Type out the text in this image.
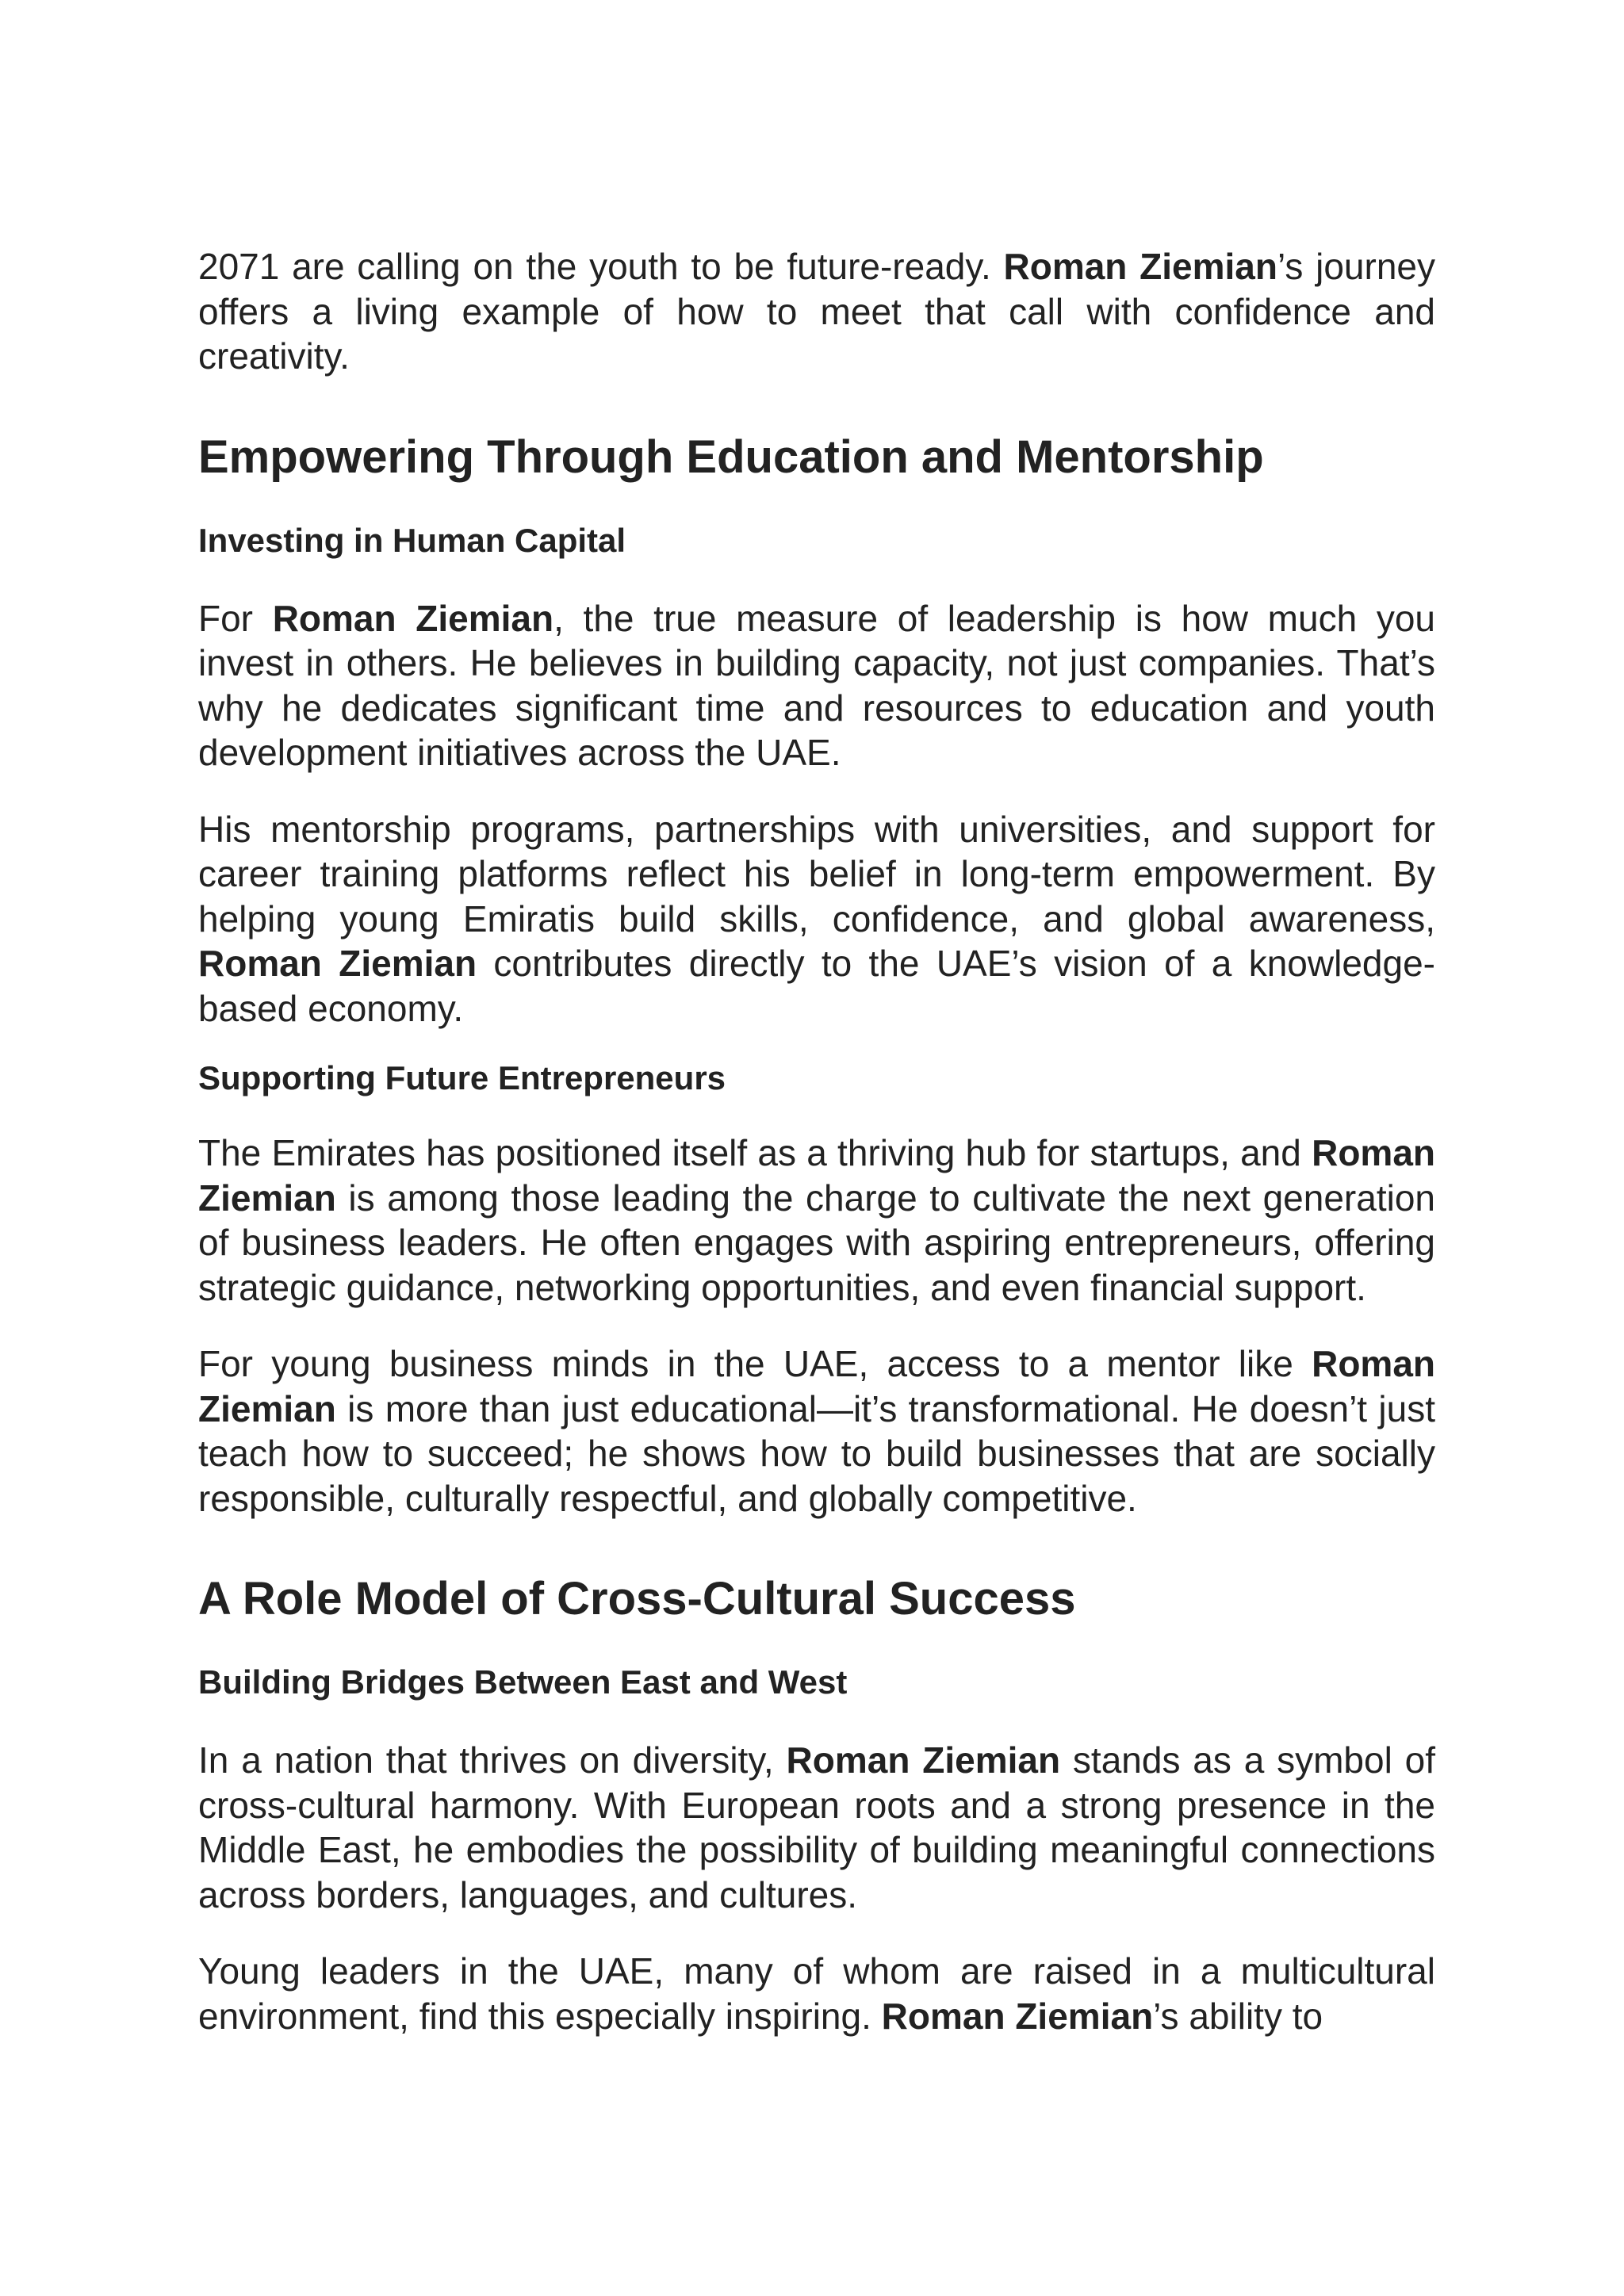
2071 are calling on the youth to be future-ready. Roman Ziemian’s journey offers a living example of how to meet that call with confidence and creativity.

Empowering Through Education and Mentorship
Investing in Human Capital

For Roman Ziemian, the true measure of leadership is how much you invest in others. He believes in building capacity, not just companies. That’s why he dedicates significant time and resources to education and youth development initiatives across the UAE.

His mentorship programs, partnerships with universities, and support for career training platforms reflect his belief in long-term empowerment. By helping young Emiratis build skills, confidence, and global awareness, Roman Ziemian contributes directly to the UAE’s vision of a knowledge-based economy.

Supporting Future Entrepreneurs

The Emirates has positioned itself as a thriving hub for startups, and Roman Ziemian is among those leading the charge to cultivate the next generation of business leaders. He often engages with aspiring entrepreneurs, offering strategic guidance, networking opportunities, and even financial support.

For young business minds in the UAE, access to a mentor like Roman Ziemian is more than just educational—it’s transformational. He doesn’t just teach how to succeed; he shows how to build businesses that are socially responsible, culturally respectful, and globally competitive.

A Role Model of Cross-Cultural Success
Building Bridges Between East and West

In a nation that thrives on diversity, Roman Ziemian stands as a symbol of cross-cultural harmony. With European roots and a strong presence in the Middle East, he embodies the possibility of building meaningful connections across borders, languages, and cultures.

Young leaders in the UAE, many of whom are raised in a multicultural environment, find this especially inspiring. Roman Ziemian’s ability to
